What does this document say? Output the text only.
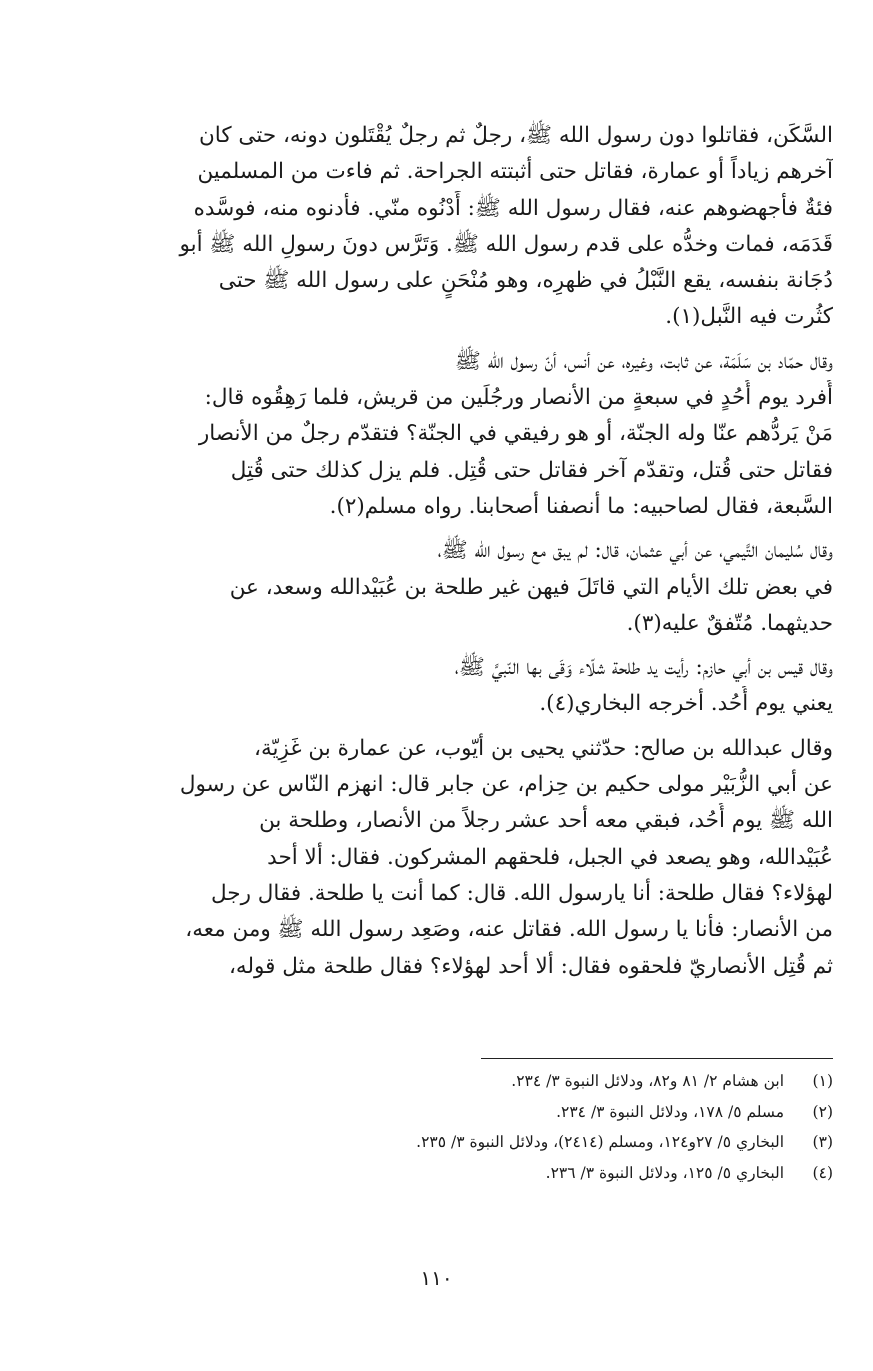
السَّكَن، فقاتلوا دون رسول الله ﷺ، رجلٌ ثم رجلٌ يُقْتَلون دونه، حتى كان
آخرهم زياداً أو عمارة، فقاتل حتى أثبتته الجراحة. ثم فاءت من المسلمين
فئةٌ فأجهضوهم عنه، فقال رسول الله ﷺ: أَدْنُوه منّي. فأدنوه منه، فوسَّده
قَدَمَه، فمات وخدُّه على قدم رسول الله ﷺ. وَتَرَّس دونَ رسولِ الله ﷺ أبو
دُجَانة بنفسه، يقع النَّبْلُ في ظهرِه، وهو مُنْحَنٍ على رسول الله ﷺ حتى
كثُرت فيه النَّبل(١).
وقال حمّاد بن سَلَمَة، عن ثابت، وغيره، عن أنس، أنّ رسول الله ﷺ
أُفرد يوم أُحُدٍ في سبعةٍ من الأنصار ورجُلَين من قريش، فلما رَهِقُوه قال:
مَنْ يَردُّهم عنّا وله الجنّة، أو هو رفيقي في الجنّة؟ فتقدّم رجلٌ من الأنصار
فقاتل حتى قُتل، وتقدّم آخر فقاتل حتى قُتِل. فلم يزل كذلك حتى قُتِل
السَّبعة، فقال لصاحبيه: ما أنصفنا أصحابنا. رواه مسلم(٢).
وقال سُليمان التَّيمي، عن أبي عثمان، قال: لم يبق مع رسول الله ﷺ،
في بعض تلك الأيام التي قاتَلَ فيهن غير طلحة بن عُبَيْدالله وسعد، عن
حديثهما. مُتّفقٌ عليه(٣).
وقال قيس بن أبي حازم: رأيت يد طلحة شلّاء وَقَى بها النّبيَّ ﷺ،
يعني يوم أُحُد. أخرجه البخاري(٤).
وقال عبدالله بن صالح: حدّثني يحيى بن أيّوب، عن عمارة بن غَزِيّة،
عن أبي الزُّبَيْر مولى حكيم بن حِزام، عن جابر قال: انهزم النّاس عن رسول
الله ﷺ يوم أُحُد، فبقي معه أحد عشر رجلاً من الأنصار، وطلحة بن
عُبَيْدالله، وهو يصعد في الجبل، فلحقهم المشركون. فقال: ألا أحد
لهؤلاء؟ فقال طلحة: أنا يارسول الله. قال: كما أنت يا طلحة. فقال رجل
من الأنصار: فأنا يا رسول الله. فقاتل عنه، وصَعِد رسول الله ﷺ ومن معه،
ثم قُتِل الأنصاريّ فلحقوه فقال: ألا أحد لهؤلاء؟ فقال طلحة مثل قوله،
(١) ابن هشام ٢/ ٨١ و٨٢، ودلائل النبوة ٣/ ٢٣٤.
(٢) مسلم ٥/ ١٧٨، ودلائل النبوة ٣/ ٢٣٤.
(٣) البخاري ٥/ ٢٧و١٢٤، ومسلم (٢٤١٤)، ودلائل النبوة ٣/ ٢٣٥.
(٤) البخاري ٥/ ١٢٥، ودلائل النبوة ٣/ ٢٣٦.
١١٠
